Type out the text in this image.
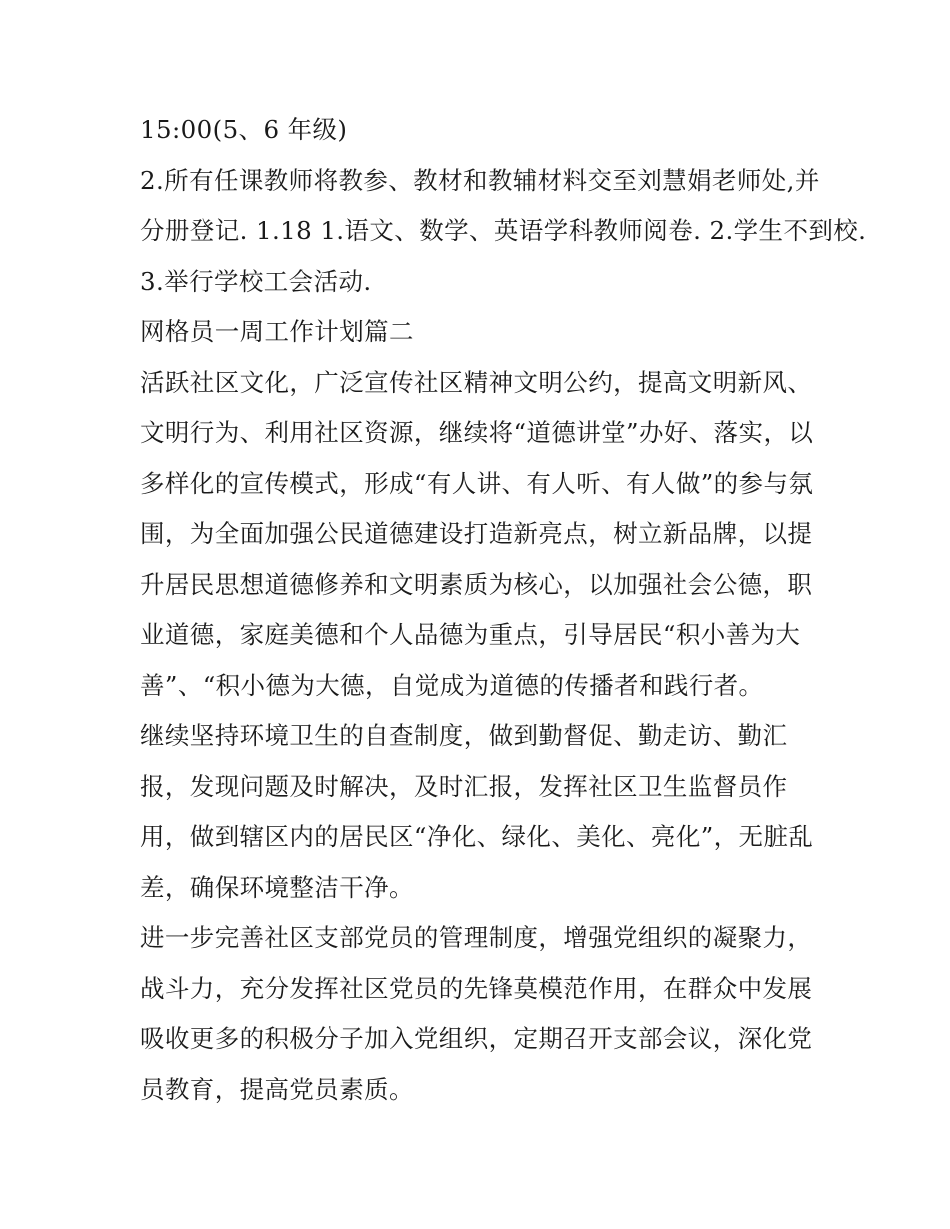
15:00(5、6 年级)

2.所有任课教师将教参、教材和教辅材料交至刘慧娟老师处,并
分册登记. 1.18 1.语文、数学、英语学科教师阅卷. 2.学生不到校.
3.举行学校工会活动.

网格员一周工作计划篇二

活跃社区文化，广泛宣传社区精神文明公约，提高文明新风、
文明行为、利用社区资源，继续将“道德讲堂”办好、落实，以
多样化的宣传模式，形成“有人讲、有人听、有人做”的参与氛
围，为全面加强公民道德建设打造新亮点，树立新品牌，以提
升居民思想道德修养和文明素质为核心，以加强社会公德，职
业道德，家庭美德和个人品德为重点，引导居民“积小善为大
善”、“积小德为大德，自觉成为道德的传播者和践行者。

继续坚持环境卫生的自查制度，做到勤督促、勤走访、勤汇
报，发现问题及时解决，及时汇报，发挥社区卫生监督员作
用，做到辖区内的居民区“净化、绿化、美化、亮化”，无脏乱
差，确保环境整洁干净。

进一步完善社区支部党员的管理制度，增强党组织的凝聚力，
战斗力，充分发挥社区党员的先锋莫模范作用，在群众中发展
吸收更多的积极分子加入党组织，定期召开支部会议，深化党
员教育，提高党员素质。
